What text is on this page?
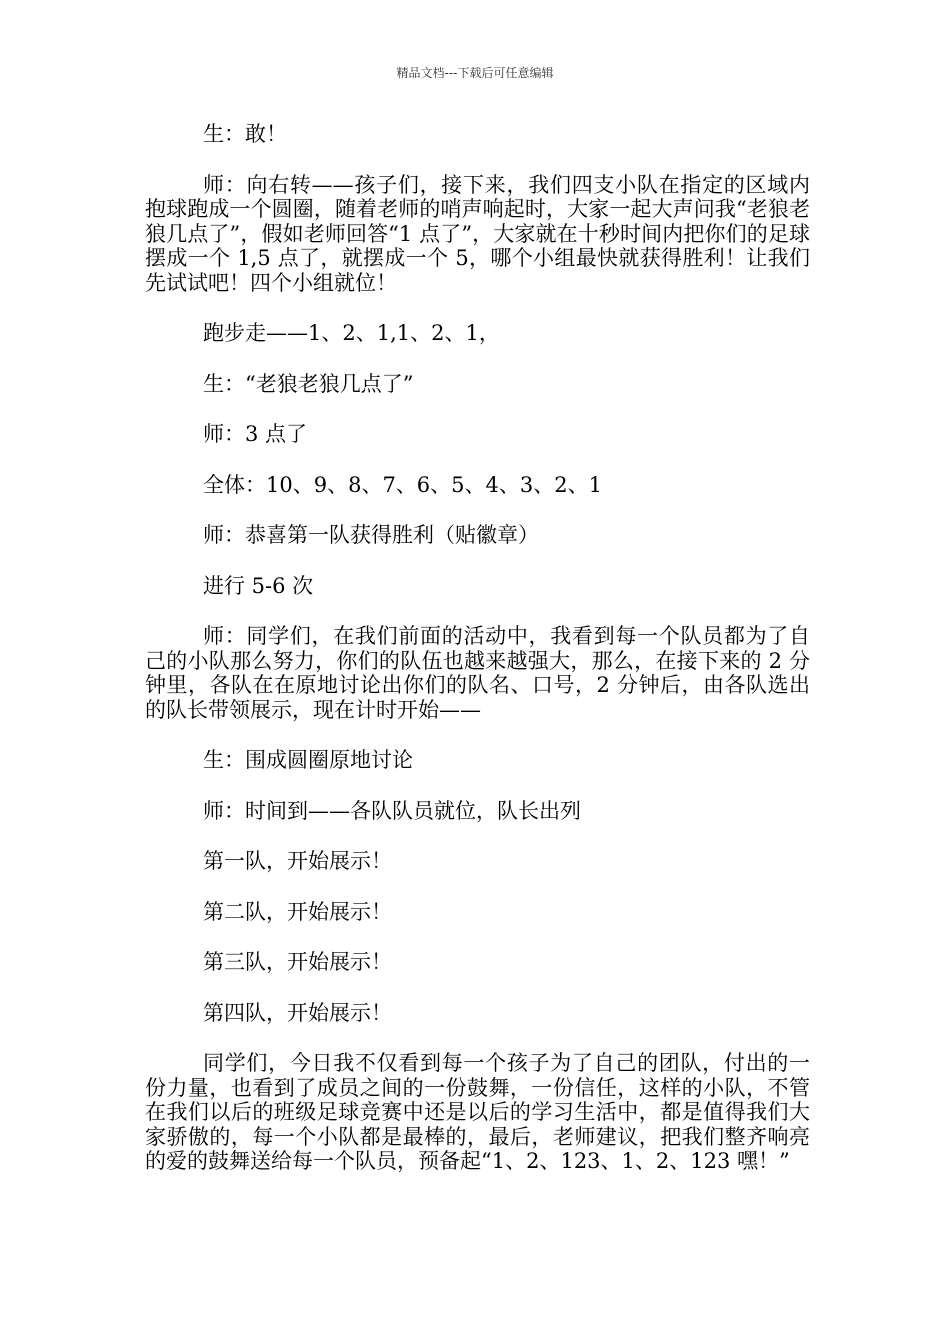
精品文档---下载后可任意编辑

生：敢！

师：向右转——孩子们，接下来，我们四支小队在指定的区域内抱球跑成一个圆圈，随着老师的哨声响起时，大家一起大声问我“老狼老狼几点了”，假如老师回答“1 点了”，大家就在十秒时间内把你们的足球摆成一个 1,5 点了，就摆成一个 5，哪个小组最快就获得胜利！让我们先试试吧！四个小组就位！

跑步走——1、2、1,1、2、1，

生：“老狼老狼几点了”

师：3 点了

全体：10、9、8、7、6、5、4、3、2、1

师：恭喜第一队获得胜利（贴徽章）

进行 5-6 次

师：同学们，在我们前面的活动中，我看到每一个队员都为了自己的小队那么努力，你们的队伍也越来越强大，那么，在接下来的 2 分钟里，各队在在原地讨论出你们的队名、口号，2 分钟后，由各队选出的队长带领展示，现在计时开始——

生：围成圆圈原地讨论

师：时间到——各队队员就位，队长出列

第一队，开始展示！

第二队，开始展示！

第三队，开始展示！

第四队，开始展示！

同学们，今日我不仅看到每一个孩子为了自己的团队，付出的一份力量，也看到了成员之间的一份鼓舞，一份信任，这样的小队，不管在我们以后的班级足球竞赛中还是以后的学习生活中，都是值得我们大家骄傲的，每一个小队都是最棒的，最后，老师建议，把我们整齐响亮的爱的鼓舞送给每一个队员，预备起“1、2、123、1、2、123 嘿！”
